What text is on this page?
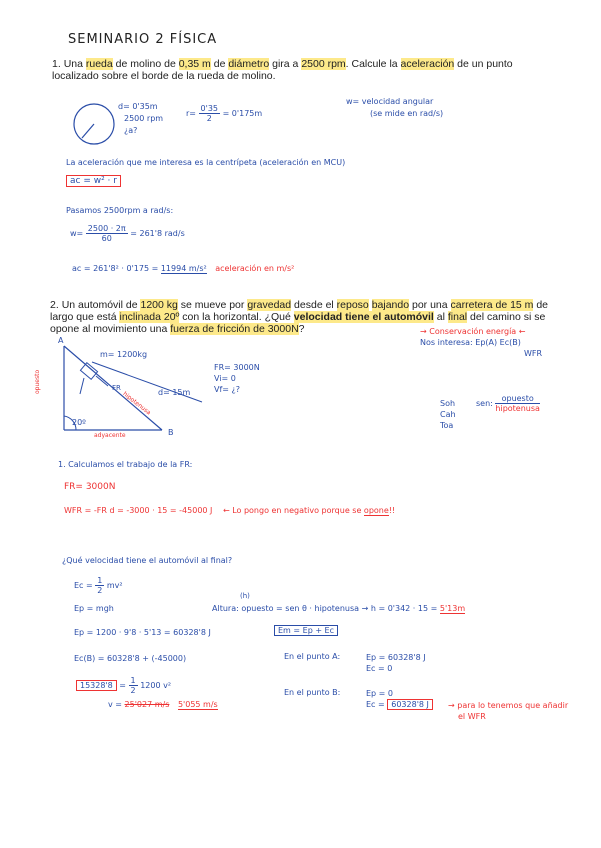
SEMINARIO 2 FÍSICA
1. Una rueda de molino de 0,35 m de diámetro gira a 2500 rpm. Calcule la aceleración de un punto localizado sobre el borde de la rueda de molino.
d= 0'35m
2500 rpm
¿a?
$r= \frac{0'35}{2} = 0'175m$
w= velocidad angular
(se mide en rad/s)
La aceleración que me interesa es la centrípeta (aceleración en MCU)
ac = w² · r
Pasamos 2500rpm a rad/s:
$w= \frac{2500 \cdot 2\pi}{60} = 261'8$ rad/s
ac = 261'8² · 0'175 = 11994 m/s² aceleración en m/s²
2. Un automóvil de 1200 kg se mueve por gravedad desde el reposo bajando por una carretera de 15 m de largo que está inclinada 20º con la horizontal. ¿Qué velocidad tiene el automóvil al final del camino si se opone al movimiento una fuerza de fricción de 3000N?
A
B
m= 1200kg
d= 15m
20º
opuesto
adyacente
hipotenusa
FR
FR= 3000N
Vi= 0
Vf= ¿?
→ Conservación energía ←
Nos interesa: Ep(A) Ec(B)
WFR
Soh
Cah
Toa
sen: $\frac{\text{opuesto}}{\text{hipotenusa}}$
1. Calculamos el trabajo de la FR:
FR= 3000N
WFR = -FR d = -3000 · 15 = -45000 J ← Lo pongo en negativo porque se opone!!
¿Qué velocidad tiene el automóvil al final?
$Ec = \frac{1}{2} mv^2$
Ep = mgh
(h)
Altura: opuesto = sen θ · hipotenusa → h = 0'342 · 15 = 5'13m
Ep = 1200 · 9'8 · 5'13 = 60328'8 J	Em = Ep + Ec
En el punto A:	Ep = 60328'8 J
Ec = 0
Ec(B) = 60328'8 + (-45000)
$15328'8 = \frac{1}{2} 1200$ v²
En el punto B:	Ep = 0
Ec = 60328'8 J	→ para lo tenemos que añadir
el WFR
v = 25'027 m/s 5'055 m/s
